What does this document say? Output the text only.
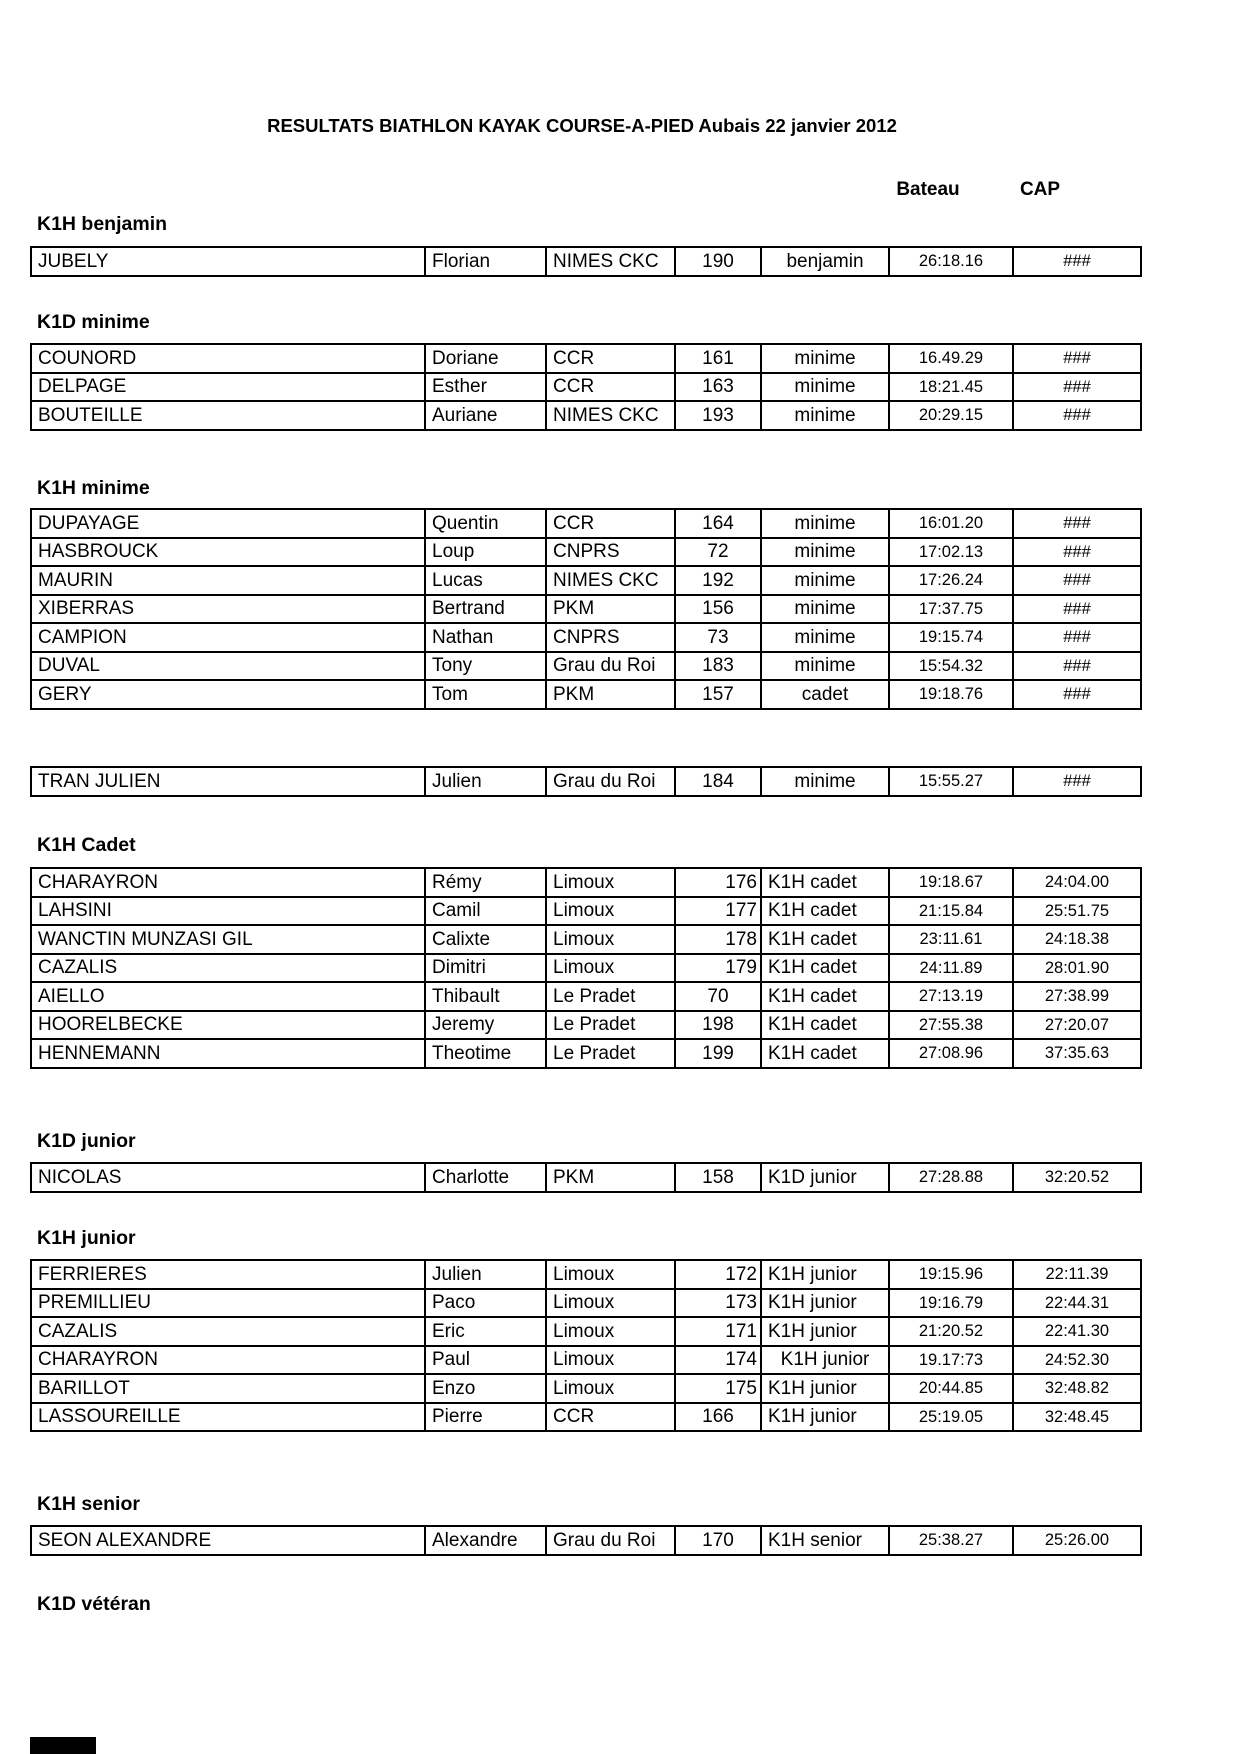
RESULTATS BIATHLON KAYAK COURSE-A-PIED Aubais 22 janvier 2012
Bateau	CAP
K1H benjamin
JUBELY	Florian	NIMES CKC	190	benjamin	26:18.16	###
K1D minime
COUNORD	Doriane	CCR	161	minime	16.49.29	###
DELPAGE	Esther	CCR	163	minime	18:21.45	###
BOUTEILLE	Auriane	NIMES CKC	193	minime	20:29.15	###
K1H minime
DUPAYAGE	Quentin	CCR	164	minime	16:01.20	###
HASBROUCK	Loup	CNPRS	72	minime	17:02.13	###
MAURIN	Lucas	NIMES CKC	192	minime	17:26.24	###
XIBERRAS	Bertrand	PKM	156	minime	17:37.75	###
CAMPION	Nathan	CNPRS	73	minime	19:15.74	###
DUVAL	Tony	Grau du Roi	183	minime	15:54.32	###
GERY	Tom	PKM	157	cadet	19:18.76	###
TRAN JULIEN	Julien	Grau du Roi	184	minime	15:55.27	###
K1H Cadet
CHARAYRON	Rémy	Limoux	176	K1H cadet	19:18.67	24:04.00
LAHSINI	Camil	Limoux	177	K1H cadet	21:15.84	25:51.75
WANCTIN MUNZASI GIL	Calixte	Limoux	178	K1H cadet	23:11.61	24:18.38
CAZALIS	Dimitri	Limoux	179	K1H cadet	24:11.89	28:01.90
AIELLO	Thibault	Le Pradet	70	K1H cadet	27:13.19	27:38.99
HOORELBECKE	Jeremy	Le Pradet	198	K1H cadet	27:55.38	27:20.07
HENNEMANN	Theotime	Le Pradet	199	K1H cadet	27:08.96	37:35.63
K1D junior
NICOLAS	Charlotte	PKM	158	K1D junior	27:28.88	32:20.52
K1H junior
FERRIERES	Julien	Limoux	172	K1H junior	19:15.96	22:11.39
PREMILLIEU	Paco	Limoux	173	K1H junior	19:16.79	22:44.31
CAZALIS	Eric	Limoux	171	K1H junior	21:20.52	22:41.30
CHARAYRON	Paul	Limoux	174	K1H junior	19.17:73	24:52.30
BARILLOT	Enzo	Limoux	175	K1H junior	20:44.85	32:48.82
LASSOUREILLE	Pierre	CCR	166	K1H junior	25:19.05	32:48.45
K1H senior
SEON ALEXANDRE	Alexandre	Grau du Roi	170	K1H senior	25:38.27	25:26.00
K1D vétéran
